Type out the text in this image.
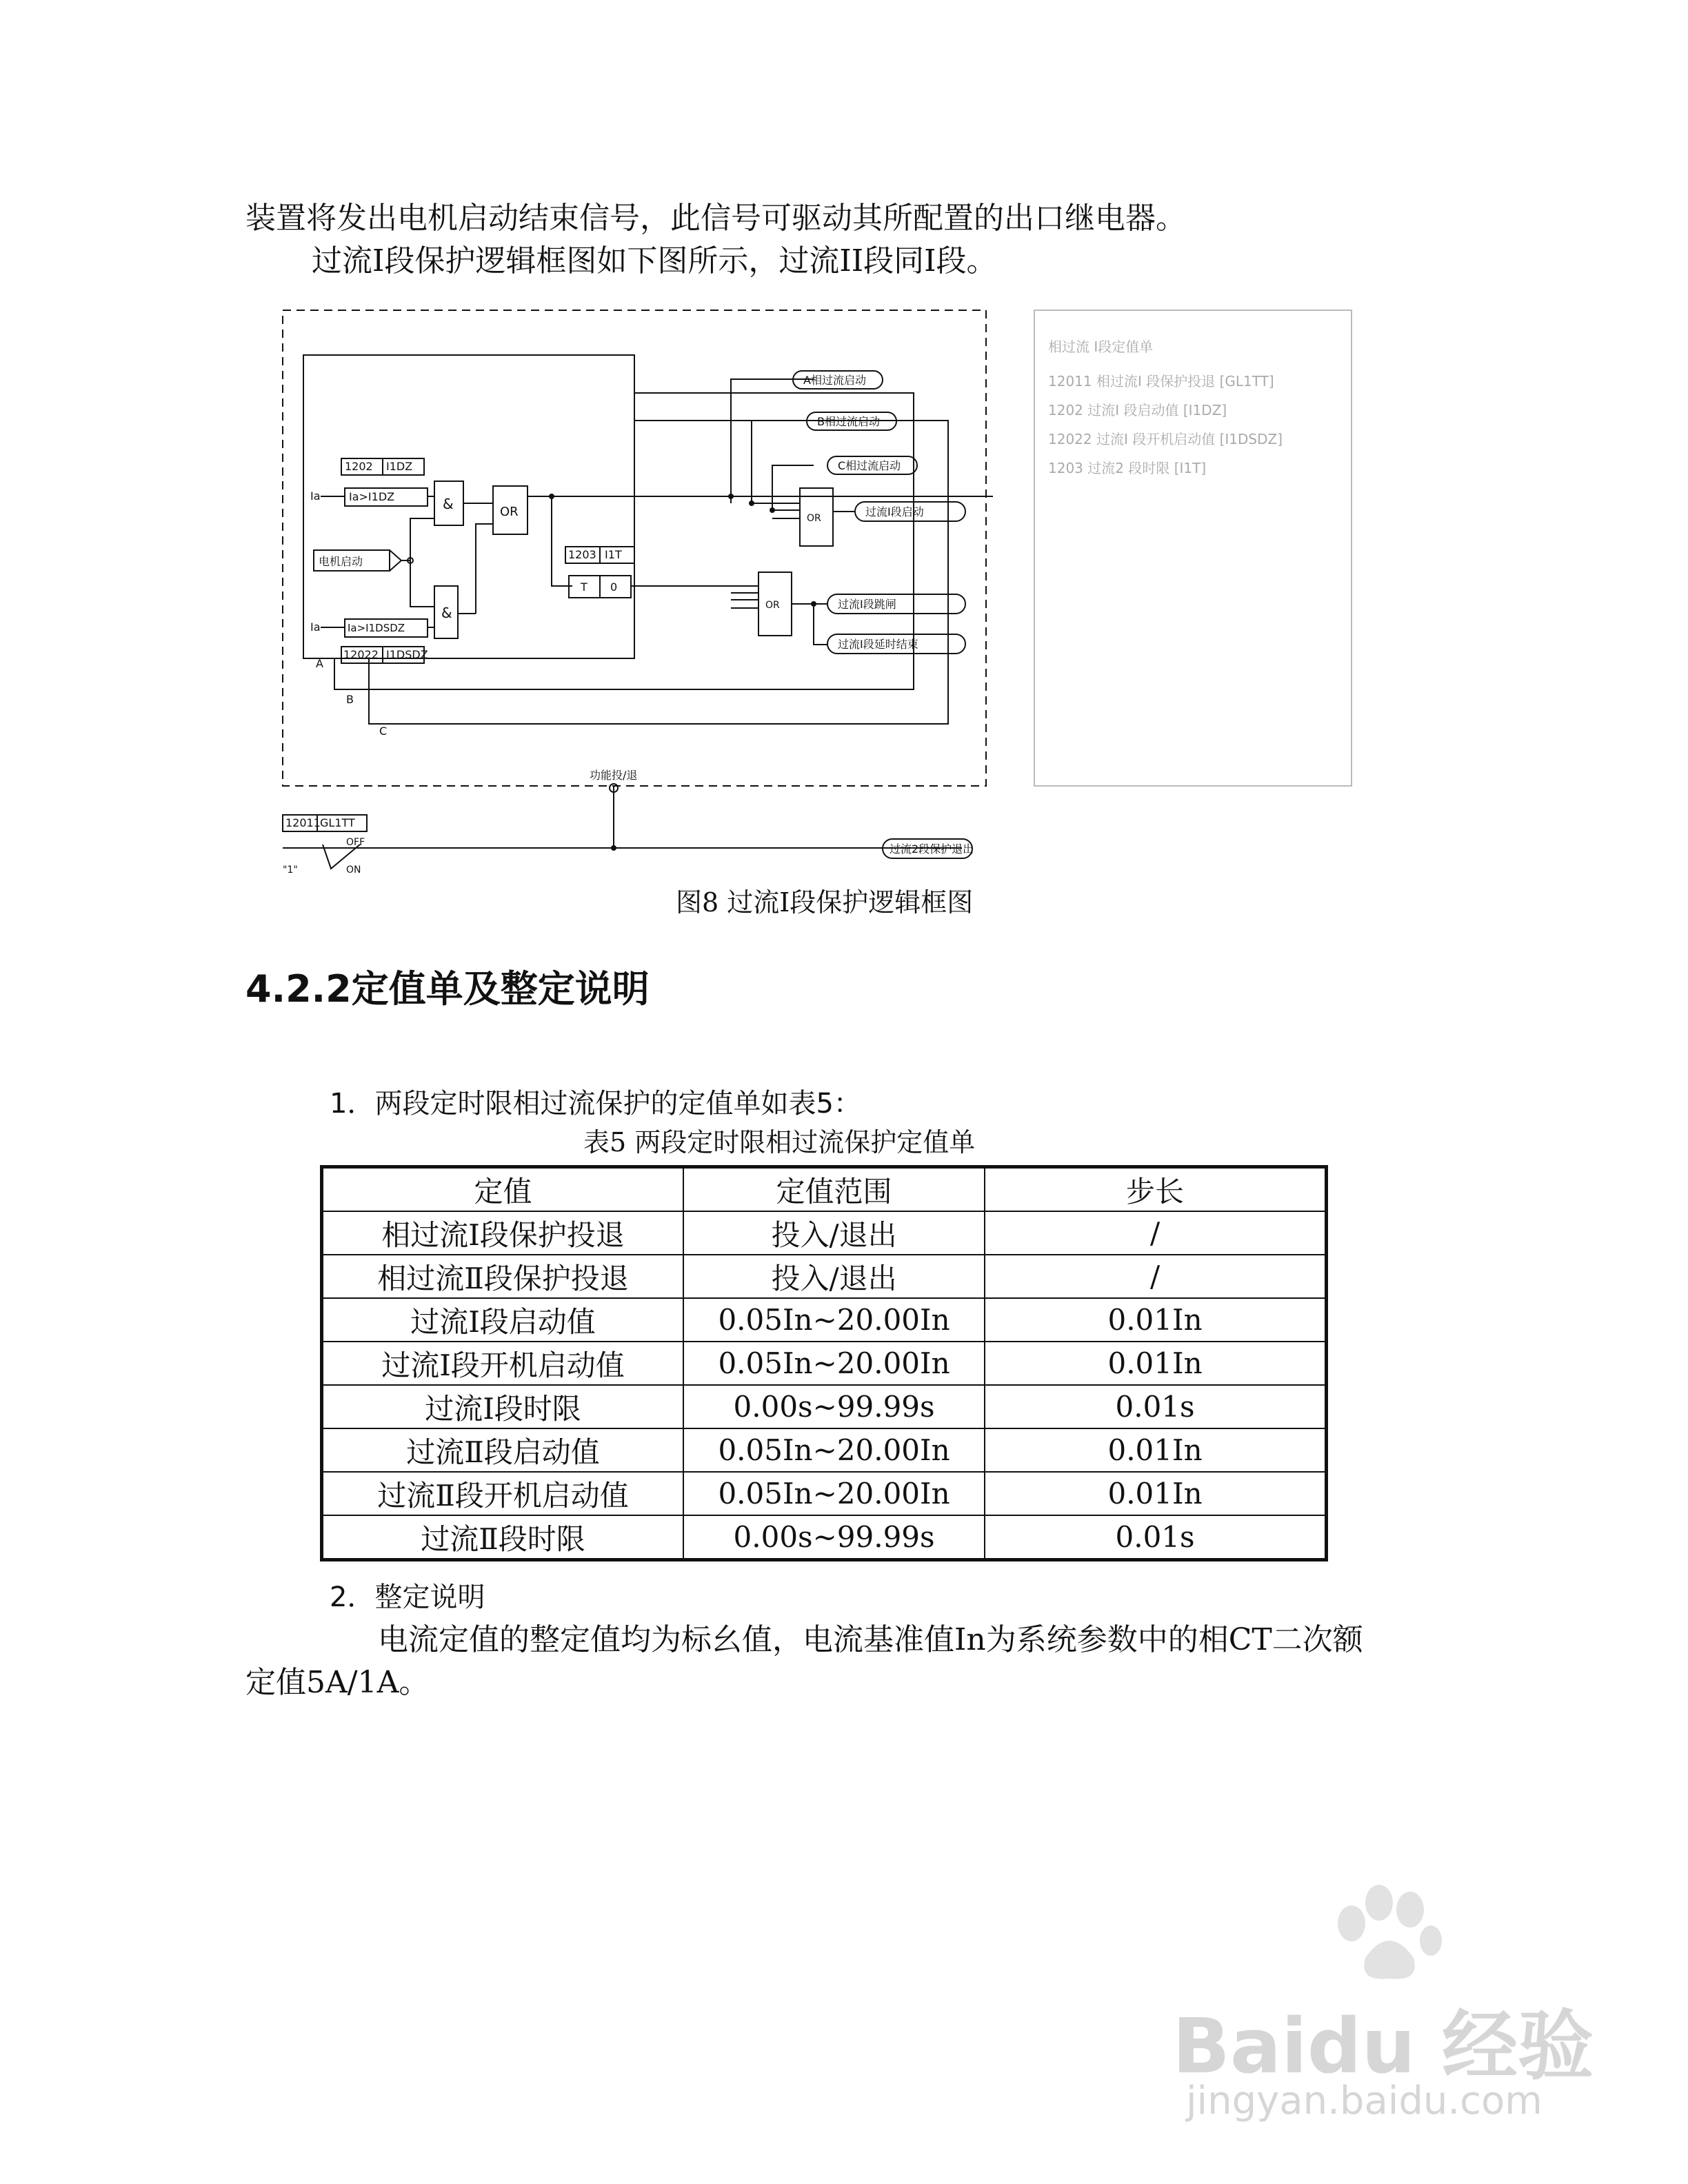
装置将发出电机启动结束信号，此信号可驱动其所配置的出口继电器。
过流I段保护逻辑框图如下图所示，过流II段同I段。
A相过流启动
B相过流启动
C相过流启动
过流I段启动
过流I段跳闸
过流I段延时结束
过流2段保护退出
1202 I1DZ
Ia	Ia>I1DZ	&	OR
电机启动
&
Ia	Ia>I1DSDZ
12022 I1DSDZ
1203 I1T
T 0
OR
OR
A
B
C
功能投/退
12011 GL1TT
OFF
ON
"1"
相过流 I段定值单
12011 相过流I 段保护投退 [GL1TT]
1202 过流I 段启动值 [I1DZ]
12022 过流I 段开机启动值 [I1DSDZ]
1203 过流2 段时限 [I1T]
图8 过流I段保护逻辑框图
4.2.2定值单及整定说明
1．两段定时限相过流保护的定值单如表5：
表5 两段定时限相过流保护定值单
定值	定值范围	步长
相过流Ⅰ段保护投退	投入/退出	/
相过流Ⅱ段保护投退	投入/退出	/
过流Ⅰ段启动值	0.05In~20.00In	0.01In
过流Ⅰ段开机启动值	0.05In~20.00In	0.01In
过流Ⅰ段时限	0.00s~99.99s	0.01s
过流Ⅱ段启动值	0.05In~20.00In	0.01In
过流Ⅱ段开机启动值	0.05In~20.00In	0.01In
过流Ⅱ段时限	0.00s~99.99s	0.01s
2．整定说明
电流定值的整定值均为标幺值，电流基准值In为系统参数中的相CT二次额
定值5A/1A。
Baidu 经验
jingyan.baidu.com
